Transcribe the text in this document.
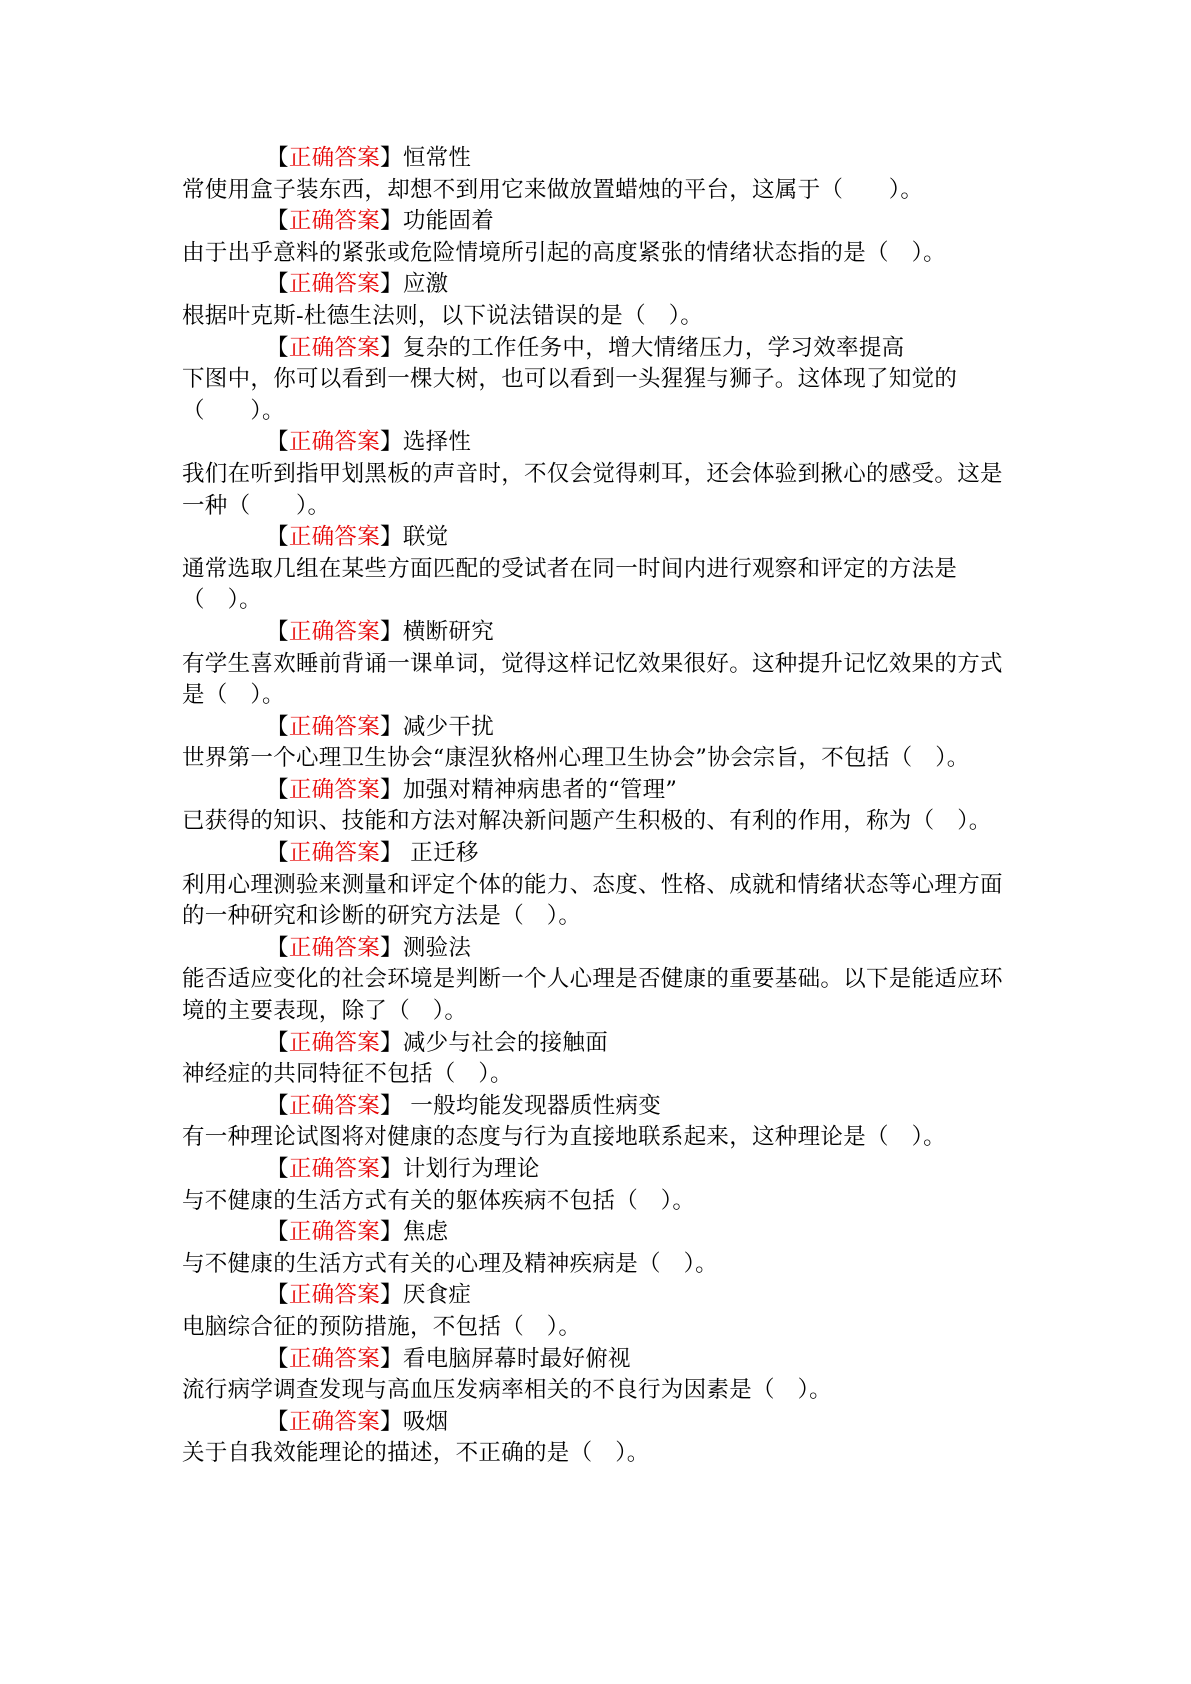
【正确答案】恒常性
常使用盒子装东西，却想不到用它来做放置蜡烛的平台，这属于（　　）。
【正确答案】功能固着
由于出乎意料的紧张或危险情境所引起的高度紧张的情绪状态指的是（　）。
【正确答案】应激
根据叶克斯-杜德生法则，以下说法错误的是（　）。
【正确答案】复杂的工作任务中，增大情绪压力，学习效率提高
下图中，你可以看到一棵大树，也可以看到一头猩猩与狮子。这体现了知觉的（　　）。
【正确答案】选择性
我们在听到指甲划黑板的声音时，不仅会觉得刺耳，还会体验到揪心的感受。这是一种（　　）。
【正确答案】联觉
通常选取几组在某些方面匹配的受试者在同一时间内进行观察和评定的方法是（　）。
【正确答案】横断研究
有学生喜欢睡前背诵一课单词，觉得这样记忆效果很好。这种提升记忆效果的方式是（　）。
【正确答案】减少干扰
世界第一个心理卫生协会“康涅狄格州心理卫生协会”协会宗旨，不包括（　）。
【正确答案】加强对精神病患者的“管理”
已获得的知识、技能和方法对解决新问题产生积极的、有利的作用，称为（　）。
【正确答案】 正迁移
利用心理测验来测量和评定个体的能力、态度、性格、成就和情绪状态等心理方面的一种研究和诊断的研究方法是（　）。
【正确答案】测验法
能否适应变化的社会环境是判断一个人心理是否健康的重要基础。以下是能适应环境的主要表现，除了（　）。
【正确答案】减少与社会的接触面
神经症的共同特征不包括（　）。
【正确答案】 一般均能发现器质性病变
有一种理论试图将对健康的态度与行为直接地联系起来，这种理论是（　）。
【正确答案】计划行为理论
与不健康的生活方式有关的躯体疾病不包括（　）。
【正确答案】焦虑
与不健康的生活方式有关的心理及精神疾病是（　）。
【正确答案】厌食症
电脑综合征的预防措施，不包括（　）。
【正确答案】看电脑屏幕时最好俯视
流行病学调查发现与高血压发病率相关的不良行为因素是（　）。
【正确答案】吸烟
关于自我效能理论的描述，不正确的是（　）。
